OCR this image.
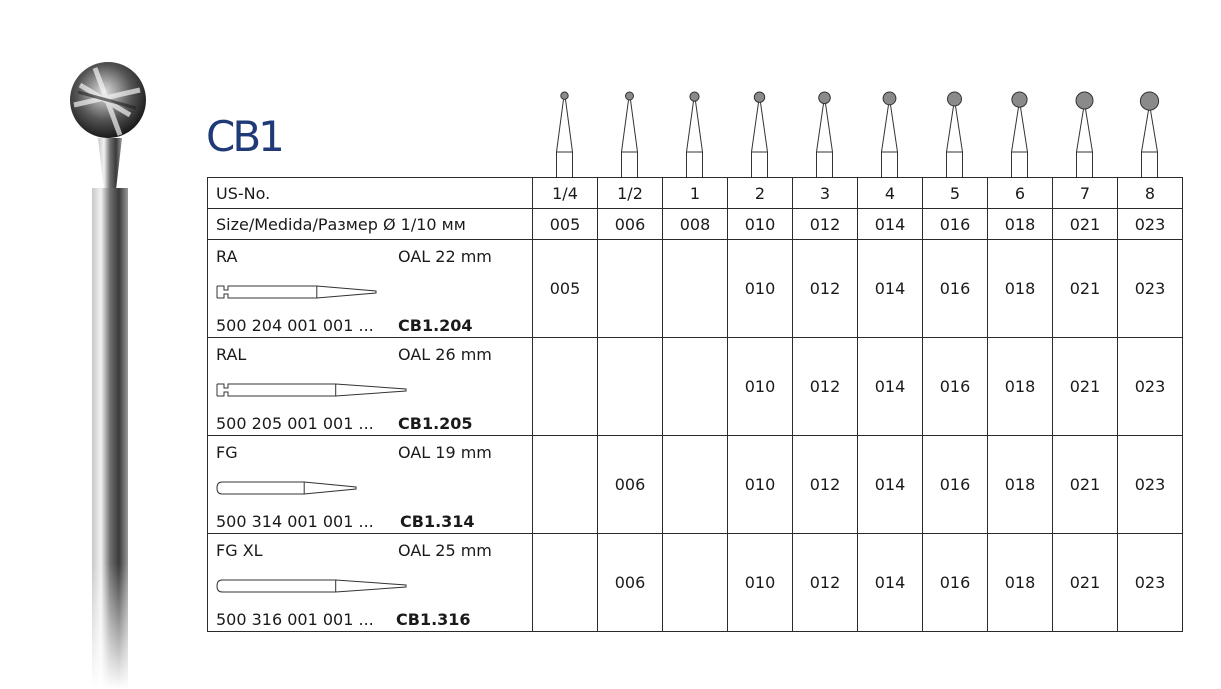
CB1
US-No.	1/4	1/2	1	2	3	4	5	6	7	8
Size/Medida/Размер Ø 1/10 мм	005	006	008	010	012	014	016	018	021	023

RA OAL 22 mm
500 204 001 001 ... CB1.204	005			010	012	014	016	018	021	023

RAL OAL 26 mm
500 205 001 001 ... CB1.205				010	012	014	016	018	021	023

FG OAL 19 mm
500 314 001 001 ... CB1.314		006		010	012	014	016	018	021	023

FG XL OAL 25 mm
500 316 001 001 ... CB1.316		006		010	012	014	016	018	021	023
